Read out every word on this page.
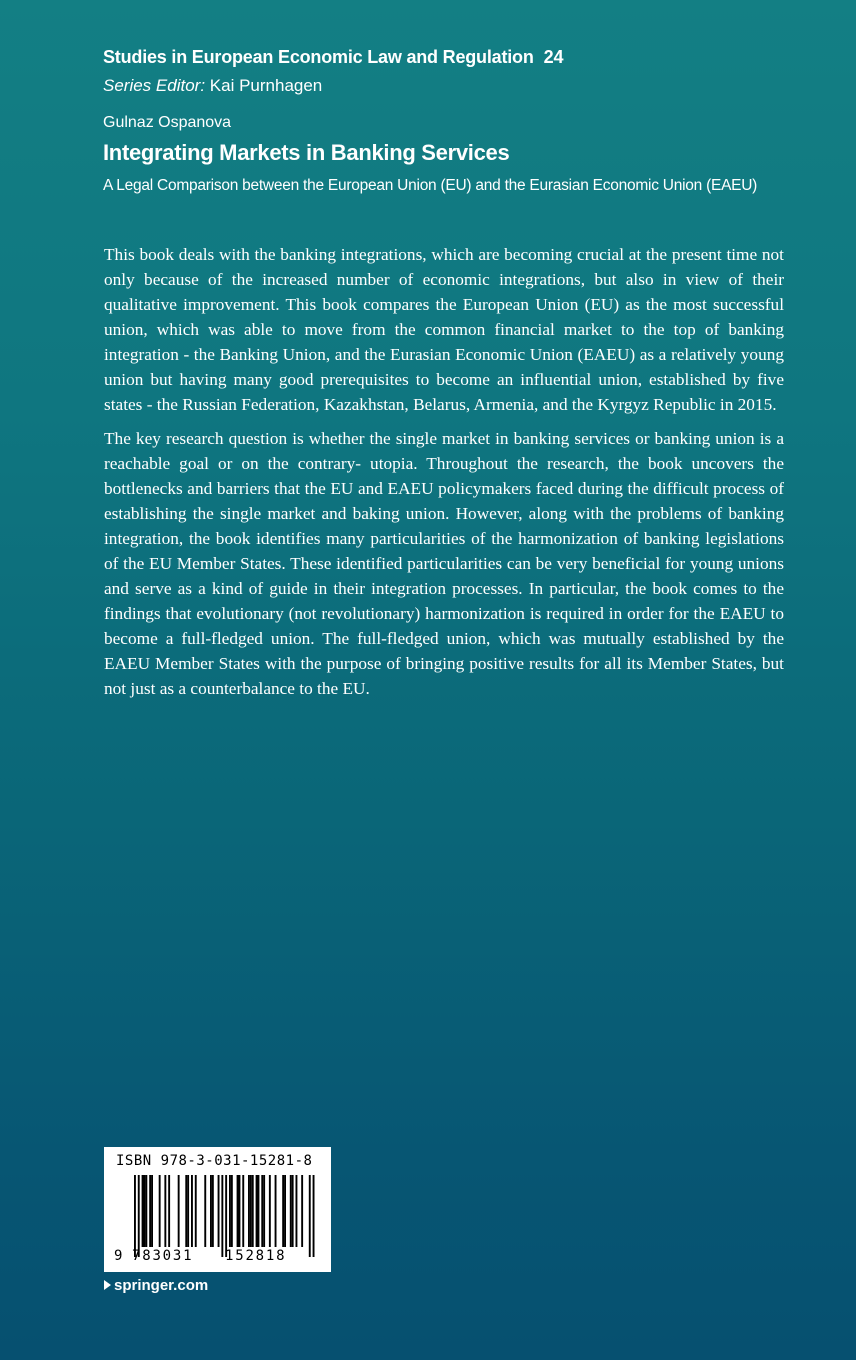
Studies in European Economic Law and Regulation 24
Series Editor: Kai Purnhagen
Gulnaz Ospanova
Integrating Markets in Banking Services
A Legal Comparison between the European Union (EU) and the Eurasian Economic Union (EAEU)

This book deals with the banking integrations, which are becoming crucial at the present time not only because of the increased number of economic integrations, but also in view of their qualitative improvement. This book compares the European Union (EU) as the most successful union, which was able to move from the common financial market to the top of banking integration - the Banking Union, and the Eurasian Economic Union (EAEU) as a relatively young union but having many good prerequisites to become an influential union, established by five states - the Russian Federation, Kazakhstan, Belarus, Armenia, and the Kyrgyz Republic in 2015.

The key research question is whether the single market in banking services or banking union is a reachable goal or on the contrary- utopia. Throughout the research, the book uncovers the bottlenecks and barriers that the EU and EAEU policymakers faced during the difficult process of establishing the single market and baking union. However, along with the problems of banking integration, the book identifies many particularities of the harmonization of banking legislations of the EU Member States. These identified particularities can be very beneficial for young unions and serve as a kind of guide in their integration processes. In particular, the book comes to the findings that evolutionary (not revolutionary) harmonization is required in order for the EAEU to become a full-fledged union. The full-fledged union, which was mutually established by the EAEU Member States with the purpose of bringing positive results for all its Member States, but not just as a counterbalance to the EU.

ISBN 978-3-031-15281-8
9 783031 152818
springer.com
